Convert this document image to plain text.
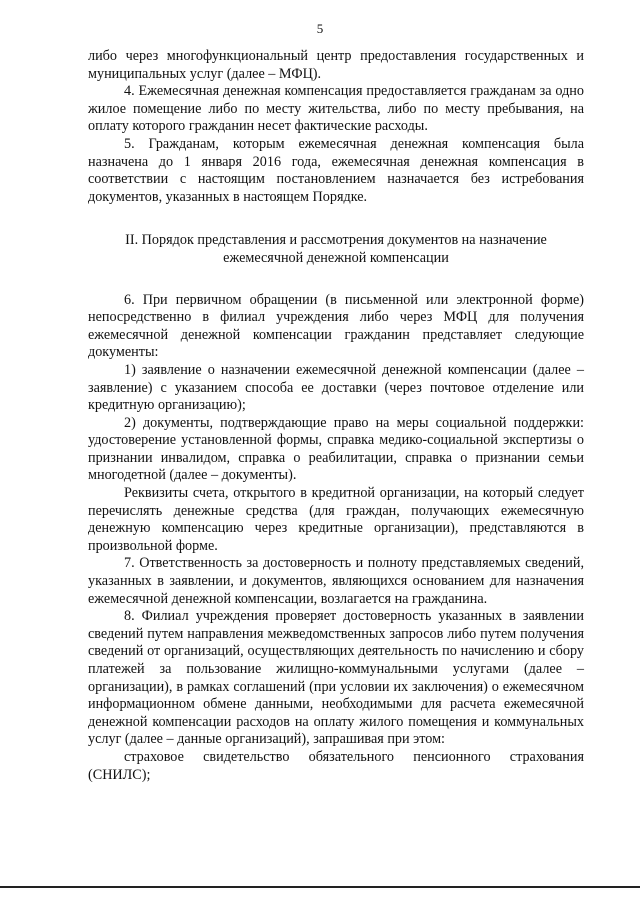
5

либо через многофункциональный центр предоставления государственных и муниципальных услуг (далее – МФЦ).

4. Ежемесячная денежная компенсация предоставляется гражданам за одно жилое помещение либо по месту жительства, либо по месту пребывания, на оплату которого гражданин несет фактические расходы.

5. Гражданам, которым ежемесячная денежная компенсация была назначена до 1 января 2016 года, ежемесячная денежная компенсация в соответствии с настоящим постановлением назначается без истребования документов, указанных в настоящем Порядке.

II. Порядок представления и рассмотрения документов на назначение
ежемесячной денежной компенсации

6. При первичном обращении (в письменной или электронной форме) непосредственно в филиал учреждения либо через МФЦ для получения ежемесячной денежной компенсации гражданин представляет следующие документы:

1) заявление о назначении ежемесячной денежной компенсации (далее – заявление) с указанием способа ее доставки (через почтовое отделение или кредитную организацию);

2) документы, подтверждающие право на меры социальной поддержки: удостоверение установленной формы, справка медико-социальной экспертизы о признании инвалидом, справка о реабилитации, справка о признании семьи многодетной (далее – документы).

Реквизиты счета, открытого в кредитной организации, на который следует перечислять денежные средства (для граждан, получающих ежемесячную денежную компенсацию через кредитные организации), представляются в произвольной форме.

7. Ответственность за достоверность и полноту представляемых сведений, указанных в заявлении, и документов, являющихся основанием для назначения ежемесячной денежной компенсации, возлагается на гражданина.

8. Филиал учреждения проверяет достоверность указанных в заявлении сведений путем направления межведомственных запросов либо путем получения сведений от организаций, осуществляющих деятельность по начислению и сбору платежей за пользование жилищно-коммунальными услугами (далее – организации), в рамках соглашений (при условии их заключения) о ежемесячном информационном обмене данными, необходимыми для расчета ежемесячной денежной компенсации расходов на оплату жилого помещения и коммунальных услуг (далее – данные организаций), запрашивая при этом:

страховое свидетельство обязательного пенсионного страхования (СНИЛС);
